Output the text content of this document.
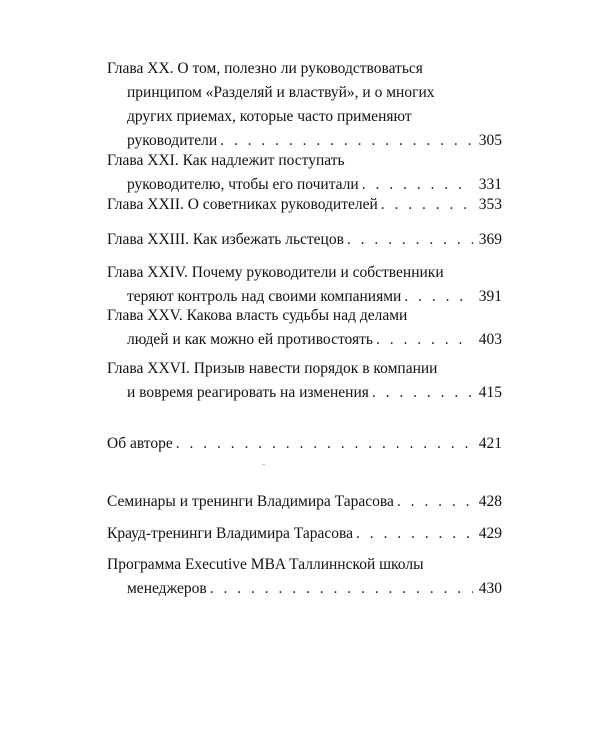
Глава XX. О том, полезно ли руководствоваться
принципом «Разделяй и властвуй», и о многих
других приемах, которые часто применяют
руководители . . .	305
Глава XXI. Как надлежит поступать
руководителю, чтобы его почитали . . .	331
Глава XXII. О советниках руководителей . . .	353
Глава XXIII. Как избежать льстецов . . .	369
Глава XXIV. Почему руководители и собственники
теряют контроль над своими компаниями . . .	391
Глава XXV. Какова власть судьбы над делами
людей и как можно ей противостоять . . .	403
Глава XXVI. Призыв навести порядок в компании
и вовремя реагировать на изменения . . .	415
Об авторе . . .	421
Семинары и тренинги Владимира Тарасова . . .	428
Крауд-тренинги Владимира Тарасова . . .	429
Программа Executive MBA Таллиннской школы
менеджеров . . .	430
